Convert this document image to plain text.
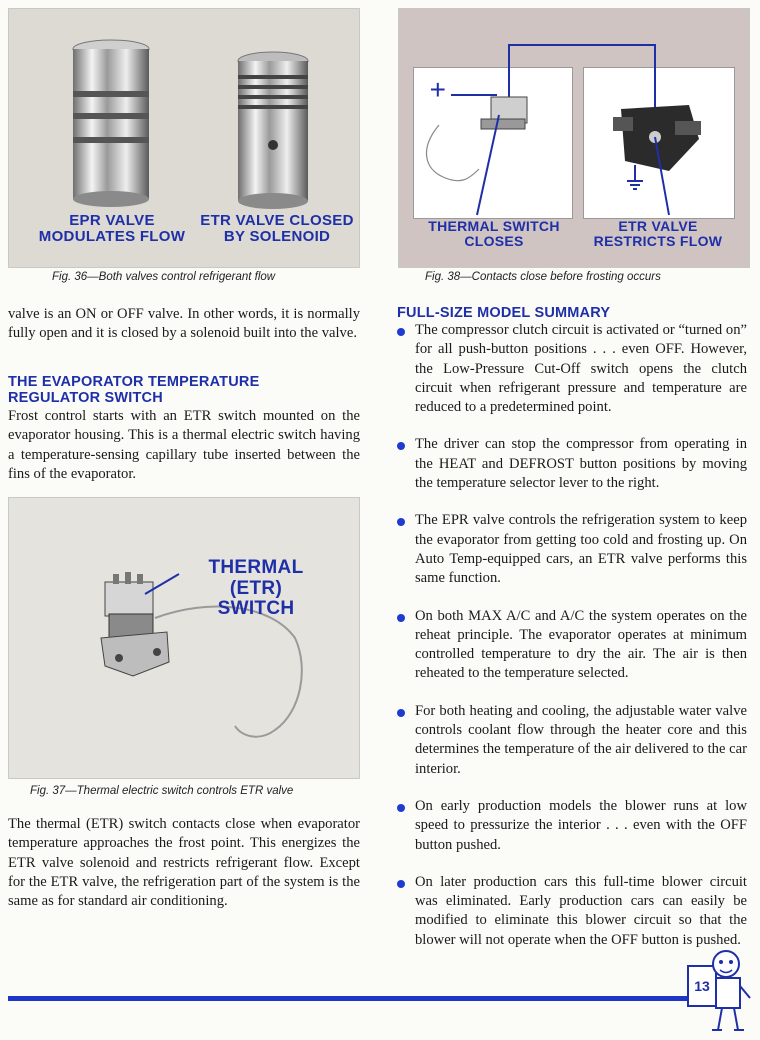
EPR VALVE
MODULATES FLOW
ETR VALVE CLOSED
BY SOLENOID
Fig. 36—Both valves control refrigerant flow
+
THERMAL SWITCH
CLOSES
ETR VALVE
RESTRICTS FLOW
Fig. 38—Contacts close before frosting occurs
valve is an ON or OFF valve. In other words, it is normally fully open and it is closed by a solenoid built into the valve.
THE EVAPORATOR TEMPERATURE
REGULATOR SWITCH
Frost control starts with an ETR switch mounted on the evaporator housing. This is a thermal electric switch having a temperature-sensing capillary tube inserted between the fins of the evaporator.
THERMAL (ETR)
SWITCH
Fig. 37—Thermal electric switch controls ETR valve
The thermal (ETR) switch contacts close when evaporator temperature approaches the frost point. This energizes the ETR valve solenoid and restricts refrigerant flow. Except for the ETR valve, the refrigeration part of the system is the same as for standard air conditioning.
FULL-SIZE MODEL SUMMARY
The compressor clutch circuit is activated or “turned on” for all push-button positions . . . even OFF. However, the Low-Pressure Cut-Off switch opens the clutch circuit when refrigerant pressure and temperature are reduced to a predetermined point.
The driver can stop the compressor from operating in the HEAT and DEFROST button positions by moving the temperature selector lever to the right.
The EPR valve controls the refrigeration system to keep the evaporator from getting too cold and frosting up. On Auto Temp-equipped cars, an ETR valve performs this same function.
On both MAX A/C and A/C the system operates on the reheat principle. The evaporator operates at minimum controlled temperature to dry the air. The air is then reheated to the temperature selected.
For both heating and cooling, the adjustable water valve controls coolant flow through the heater core and this determines the temperature of the air delivered to the car interior.
On early production models the blower runs at low speed to pressurize the interior . . . even with the OFF button pushed.
On later production cars this full-time blower circuit was eliminated. Early production cars can easily be modified to eliminate this blower circuit so that the blower will not operate when the OFF button is pushed.
13
